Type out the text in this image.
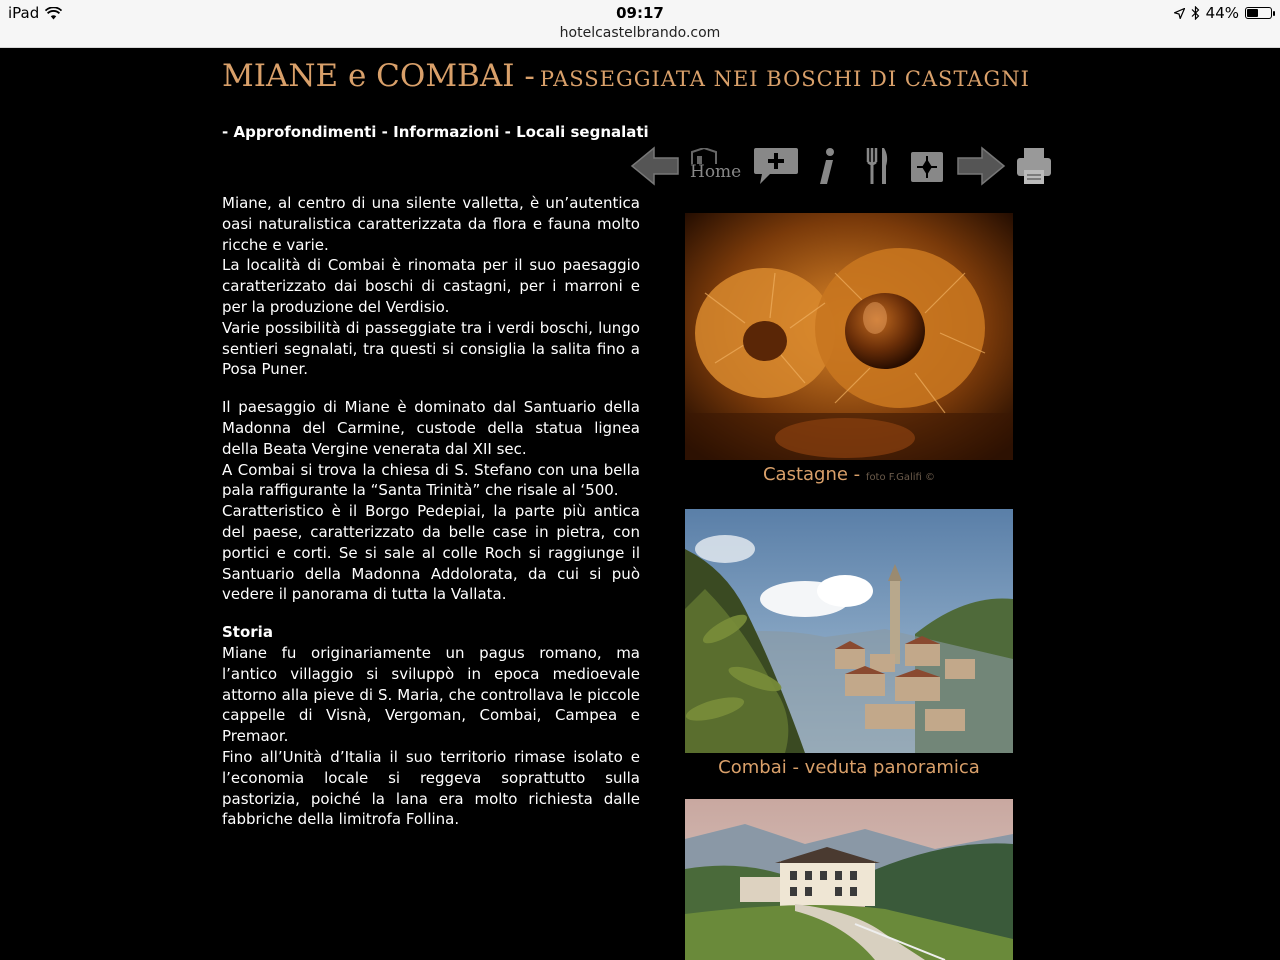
iPad	09:17
hotelcastelbrando.com
44%
MIANE e COMBAI - PASSEGGIATA NEI BOSCHI DI CASTAGNI
- Approfondimenti - Informazioni - Locali segnalati
Home

Miane, al centro di una silente valletta, è un’autentica oasi naturalistica caratterizzata da flora e fauna molto ricche e varie.
La località di Combai è rinomata per il suo paesaggio caratterizzato dai boschi di castagni, per i marroni e per la produzione del Verdisio.
Varie possibilità di passeggiate tra i verdi boschi, lungo sentieri segnalati, tra questi si consiglia la salita fino a Posa Puner.

Il paesaggio di Miane è dominato dal Santuario della Madonna del Carmine, custode della statua lignea della Beata Vergine venerata dal XII sec.
A Combai si trova la chiesa di S. Stefano con una bella pala raffigurante la “Santa Trinità” che risale al ‘500.
Caratteristico è il Borgo Pedepiai, la parte più antica del paese, caratterizzato da belle case in pietra, con portici e corti. Se si sale al colle Roch si raggiunge il Santuario della Madonna Addolorata, da cui si può vedere il panorama di tutta la Vallata.

Storia
Miane fu originariamente un pagus romano, ma l’antico villaggio si sviluppò in epoca medioevale attorno alla pieve di S. Maria, che controllava le piccole cappelle di Visnà, Vergoman, Combai, Campea e Premaor.
Fino all’Unità d’Italia il suo territorio rimase isolato e l’economia locale si reggeva soprattutto sulla pastorizia, poiché la lana era molto richiesta dalle fabbriche della limitrofa Follina.

Castagne - foto F.Galifi ©
Combai - veduta panoramica
